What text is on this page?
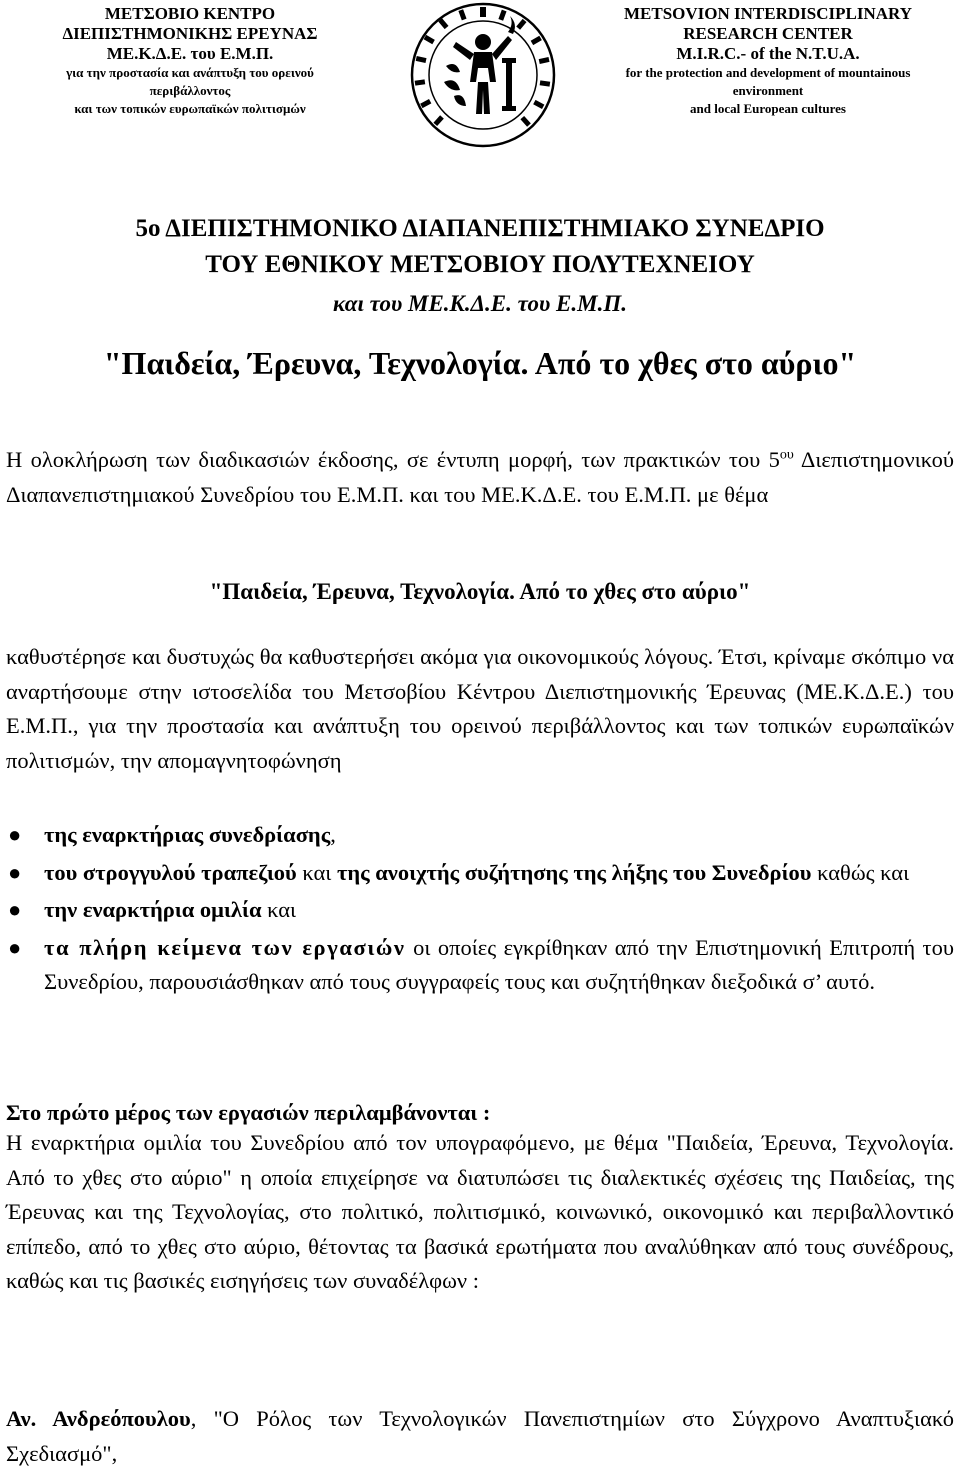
ΜΕΤΣΟΒΙΟ ΚΕΝΤΡΟ
ΔΙΕΠΙΣΤΗΜΟΝΙΚΗΣ ΕΡΕΥΝΑΣ
ΜΕ.Κ.Δ.Ε. του Ε.Μ.Π.
για την προστασία και ανάπτυξη του ορεινού
περιβάλλοντος
και των τοπικών ευρωπαϊκών πολιτισμών
METSOVION INTERDISCIPLINARY
RESEARCH CENTER
M.I.R.C.- of the N.T.U.A.
for the protection and development of mountainous
environment
and local European cultures
5ο ΔΙΕΠΙΣΤΗΜΟΝΙΚΟ ΔΙΑΠΑΝΕΠΙΣΤΗΜΙΑΚΟ ΣΥΝΕΔΡΙΟ
ΤΟΥ ΕΘΝΙΚΟΥ ΜΕΤΣΟΒΙΟΥ ΠΟΛΥΤΕΧΝΕΙΟΥ
και του ΜΕ.Κ.Δ.Ε. του Ε.Μ.Π.
"Παιδεία, Έρευνα, Τεχνολογία. Από το χθες στο αύριο"

Η ολοκλήρωση των διαδικασιών έκδοσης, σε έντυπη μορφή, των πρακτικών του $5^{o\upsilon}$ Διεπιστημονικού Διαπανεπιστημιακού Συνεδρίου του Ε.Μ.Π. και του ΜΕ.Κ.Δ.Ε. του Ε.Μ.Π. με θέμα

"Παιδεία, Έρευνα, Τεχνολογία. Από το χθες στο αύριο"

καθυστέρησε και δυστυχώς θα καθυστερήσει ακόμα για οικονομικούς λόγους. Έτσι, κρίναμε σκόπιμο να αναρτήσουμε στην ιστοσελίδα του Μετσοβίου Κέντρου Διεπιστημονικής Έρευνας (ΜΕ.Κ.Δ.Ε.) του Ε.Μ.Π., για την προστασία και ανάπτυξη του ορεινού περιβάλλοντος και των τοπικών ευρωπαϊκών πολιτισμών, την απομαγνητοφώνηση

● της εναρκτήριας συνεδρίασης,
● του στρογγυλού τραπεζιού και της ανοιχτής συζήτησης της λήξης του Συνεδρίου καθώς και
● την εναρκτήρια ομιλία και
● τα πλήρη κείμενα των εργασιών οι οποίες εγκρίθηκαν από την Επιστημονική Επιτροπή του Συνεδρίου, παρουσιάσθηκαν από τους συγγραφείς τους και συζητήθηκαν διεξοδικά σ’ αυτό.
Στο πρώτο μέρος των εργασιών περιλαμβάνονται :

Η εναρκτήρια ομιλία του Συνεδρίου από τον υπογραφόμενο, με θέμα "Παιδεία, Έρευνα, Τεχνολογία. Από το χθες στο αύριο" η οποία επιχείρησε να διατυπώσει τις διαλεκτικές σχέσεις της Παιδείας, της Έρευνας και της Τεχνολογίας, στο πολιτικό, πολιτισμικό, κοινωνικό, οικονομικό και περιβαλλοντικό επίπεδο, από το χθες στο αύριο, θέτοντας τα βασικά ερωτήματα που αναλύθηκαν από τους συνέδρους, καθώς και τις βασικές εισηγήσεις των συναδέλφων :

Αν. Ανδρεόπουλου, "Ο Ρόλος των Τεχνολογικών Πανεπιστημίων στο Σύγχρονο Αναπτυξιακό Σχεδιασμό",
